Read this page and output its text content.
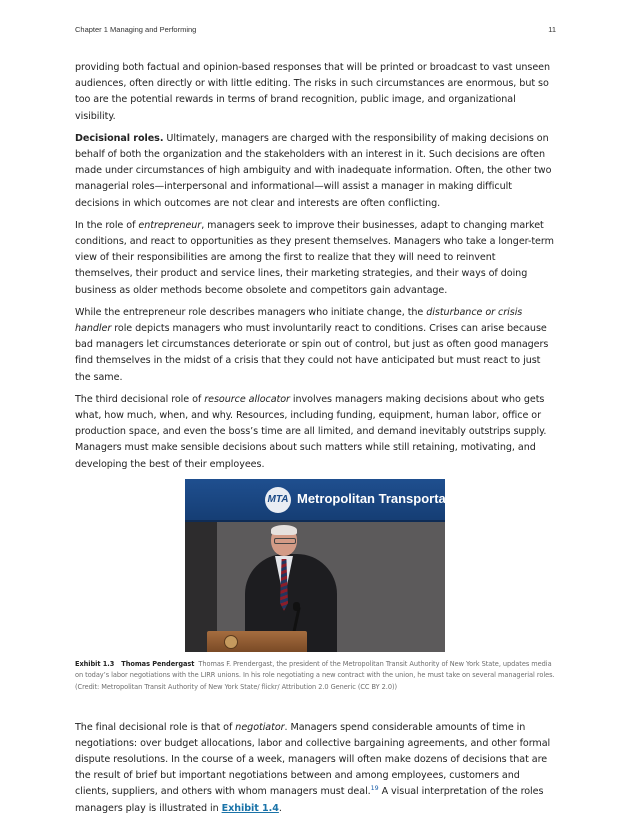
Chapter 1 Managing and Performing	11

providing both factual and opinion-based responses that will be printed or broadcast to vast unseen audiences, often directly or with little editing. The risks in such circumstances are enormous, but so too are the potential rewards in terms of brand recognition, public image, and organizational visibility.

Decisional roles. Ultimately, managers are charged with the responsibility of making decisions on behalf of both the organization and the stakeholders with an interest in it. Such decisions are often made under circumstances of high ambiguity and with inadequate information. Often, the other two managerial roles—interpersonal and informational—will assist a manager in making difficult decisions in which outcomes are not clear and interests are often conflicting.

In the role of entrepreneur, managers seek to improve their businesses, adapt to changing market conditions, and react to opportunities as they present themselves. Managers who take a longer-term view of their responsibilities are among the first to realize that they will need to reinvent themselves, their product and service lines, their marketing strategies, and their ways of doing business as older methods become obsolete and competitors gain advantage.

While the entrepreneur role describes managers who initiate change, the disturbance or crisis handler role depicts managers who must involuntarily react to conditions. Crises can arise because bad managers let circumstances deteriorate or spin out of control, but just as often good managers find themselves in the midst of a crisis that they could not have anticipated but must react to just the same.

The third decisional role of resource allocator involves managers making decisions about who gets what, how much, when, and why. Resources, including funding, equipment, human labor, office or production space, and even the boss’s time are all limited, and demand inevitably outstrips supply. Managers must make sensible decisions about such matters while still retaining, motivating, and developing the best of their employees.

MTA Metropolitan Transportatio
Exhibit 1.3 Thomas Pendergast Thomas F. Prendergast, the president of the Metropolitan Transit Authority of New York State, updates media on today’s labor negotiations with the LIRR unions. In his role negotiating a new contract with the union, he must take on several managerial roles. (Credit: Metropolitan Transit Authority of New York State/ flickr/ Attribution 2.0 Generic (CC BY 2.0))

The final decisional role is that of negotiator. Managers spend considerable amounts of time in negotiations: over budget allocations, labor and collective bargaining agreements, and other formal dispute resolutions. In the course of a week, managers will often make dozens of decisions that are the result of brief but important negotiations between and among employees, customers and clients, suppliers, and others with whom managers must deal.$^{19}$ A visual interpretation of the roles managers play is illustrated in Exhibit 1.4.
